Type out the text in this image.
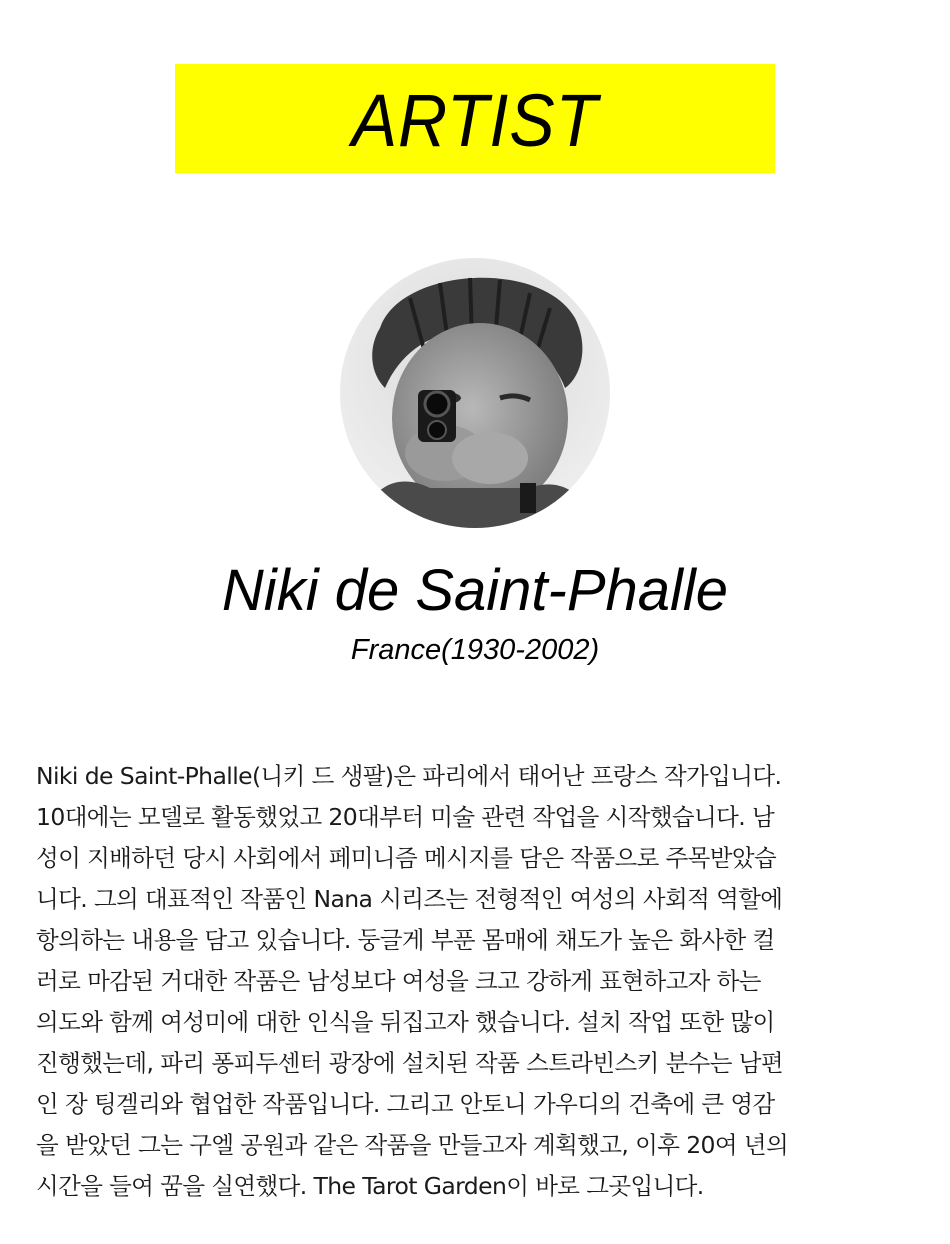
ARTIST
Niki de Saint-Phalle
France(1930-2002)
Niki de Saint-Phalle(니키 드 생팔)은 파리에서 태어난 프랑스 작가입니다.
10대에는 모델로 활동했었고 20대부터 미술 관련 작업을 시작했습니다. 남
성이 지배하던 당시 사회에서 페미니즘 메시지를 담은 작품으로 주목받았습
니다. 그의 대표적인 작품인 Nana 시리즈는 전형적인 여성의 사회적 역할에
항의하는 내용을 담고 있습니다. 둥글게 부푼 몸매에 채도가 높은 화사한 컬
러로 마감된 거대한 작품은 남성보다 여성을 크고 강하게 표현하고자 하는
의도와 함께 여성미에 대한 인식을 뒤집고자 했습니다. 설치 작업 또한 많이
진행했는데, 파리 퐁피두센터 광장에 설치된 작품 스트라빈스키 분수는 남편
인 장 팅겔리와 협업한 작품입니다. 그리고 안토니 가우디의 건축에 큰 영감
을 받았던 그는 구엘 공원과 같은 작품을 만들고자 계획했고, 이후 20여 년의
시간을 들여 꿈을 실연했다. The Tarot Garden이 바로 그곳입니다.
